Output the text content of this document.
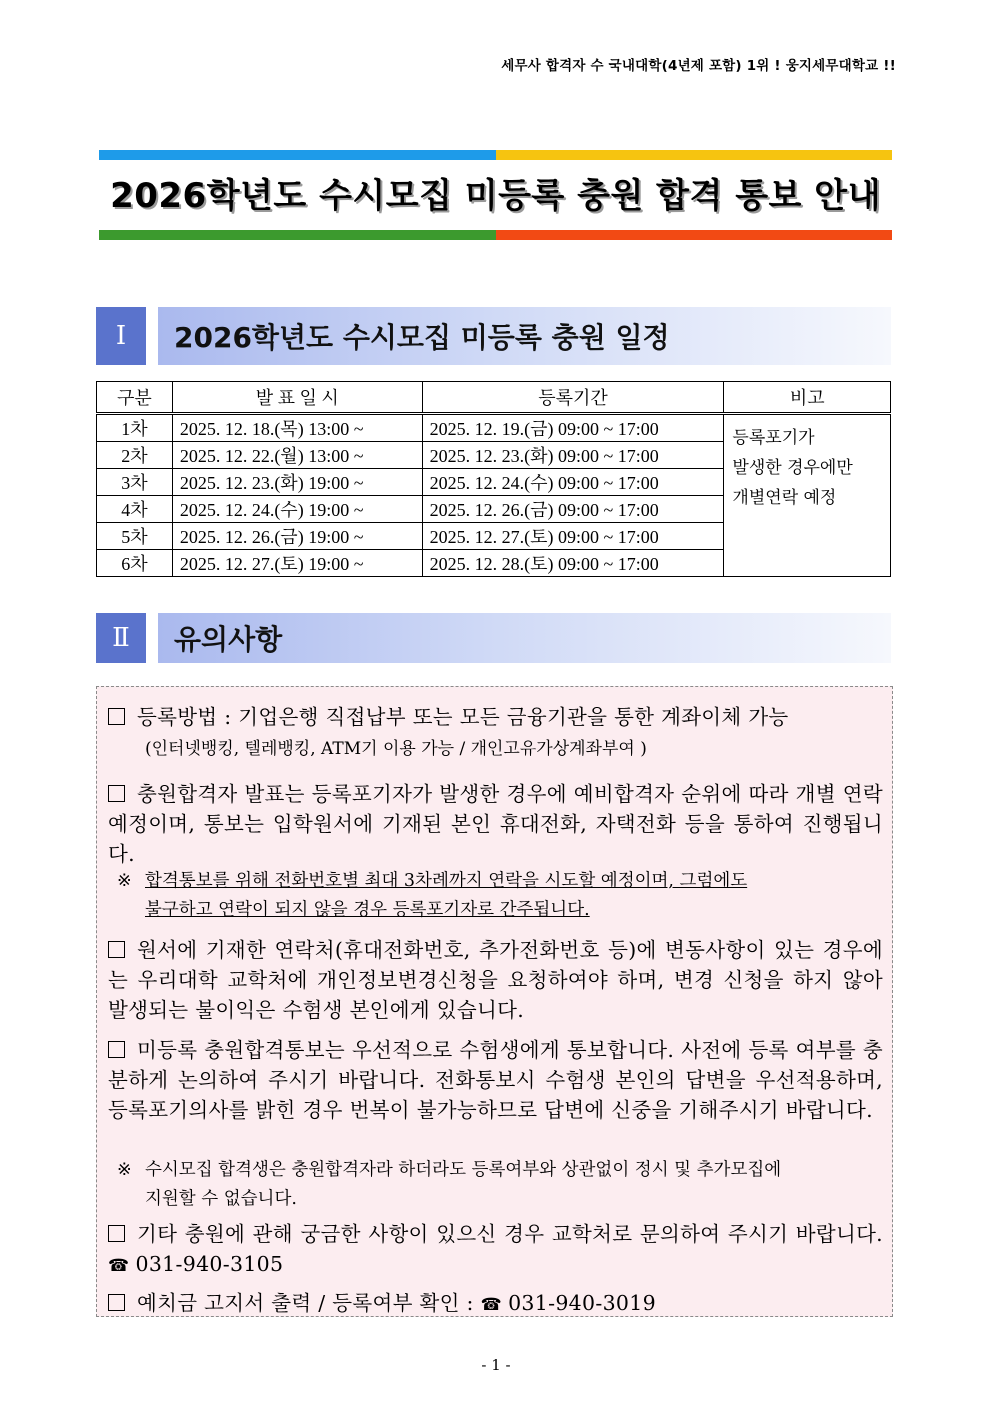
세무사 합격자 수 국내대학(4년제 포함) 1위 ! 웅지세무대학교 !!
2026학년도 수시모집 미등록 충원 합격 통보 안내
Ⅰ	2026학년도 수시모집 미등록 충원 일정
구분	발 표 일 시	등록기간	비고
1차	2025. 12. 18.(목) 13:00 ~	2025. 12. 19.(금) 09:00 ~ 17:00	등록포기가
발생한 경우에만
개별연락 예정

2차	2025. 12. 22.(월) 13:00 ~	2025. 12. 23.(화) 09:00 ~ 17:00	
3차	2025. 12. 23.(화) 19:00 ~	2025. 12. 24.(수) 09:00 ~ 17:00	
4차	2025. 12. 24.(수) 19:00 ~	2025. 12. 26.(금) 09:00 ~ 17:00	
5차	2025. 12. 26.(금) 19:00 ~	2025. 12. 27.(토) 09:00 ~ 17:00	
6차	2025. 12. 27.(토) 19:00 ~	2025. 12. 28.(토) 09:00 ~ 17:00	
Ⅱ	유의사항
등록방법 : 기업은행 직접납부 또는 모든 금융기관을 통한 계좌이체 가능
(인터넷뱅킹, 텔레뱅킹, ATM기 이용 가능 / 개인고유가상계좌부여 )
충원합격자 발표는 등록포기자가 발생한 경우에 예비합격자 순위에 따라 개별 연락 예정이며, 통보는 입학원서에 기재된 본인 휴대전화, 자택전화 등을 통하여 진행됩니다.
※ 합격통보를 위해 전화번호별 최대 3차례까지 연락을 시도할 예정이며, 그럼에도
불구하고 연락이 되지 않을 경우 등록포기자로 간주됩니다.
원서에 기재한 연락처(휴대전화번호, 추가전화번호 등)에 변동사항이 있는 경우에는 우리대학 교학처에 개인정보변경신청을 요청하여야 하며, 변경 신청을 하지 않아 발생되는 불이익은 수험생 본인에게 있습니다.
미등록 충원합격통보는 우선적으로 수험생에게 통보합니다. 사전에 등록 여부를 충분하게 논의하여 주시기 바랍니다. 전화통보시 수험생 본인의 답변을 우선적용하며, 등록포기의사를 밝힌 경우 번복이 불가능하므로 답변에 신중을 기해주시기 바랍니다.
※ 수시모집 합격생은 충원합격자라 하더라도 등록여부와 상관없이 정시 및 추가모집에
지원할 수 없습니다.
기타 충원에 관해 궁금한 사항이 있으신 경우 교학처로 문의하여 주시기 바랍니다. ☎ 031-940-3105
예치금 고지서 출력 / 등록여부 확인 : ☎ 031-940-3019
- 1 -
